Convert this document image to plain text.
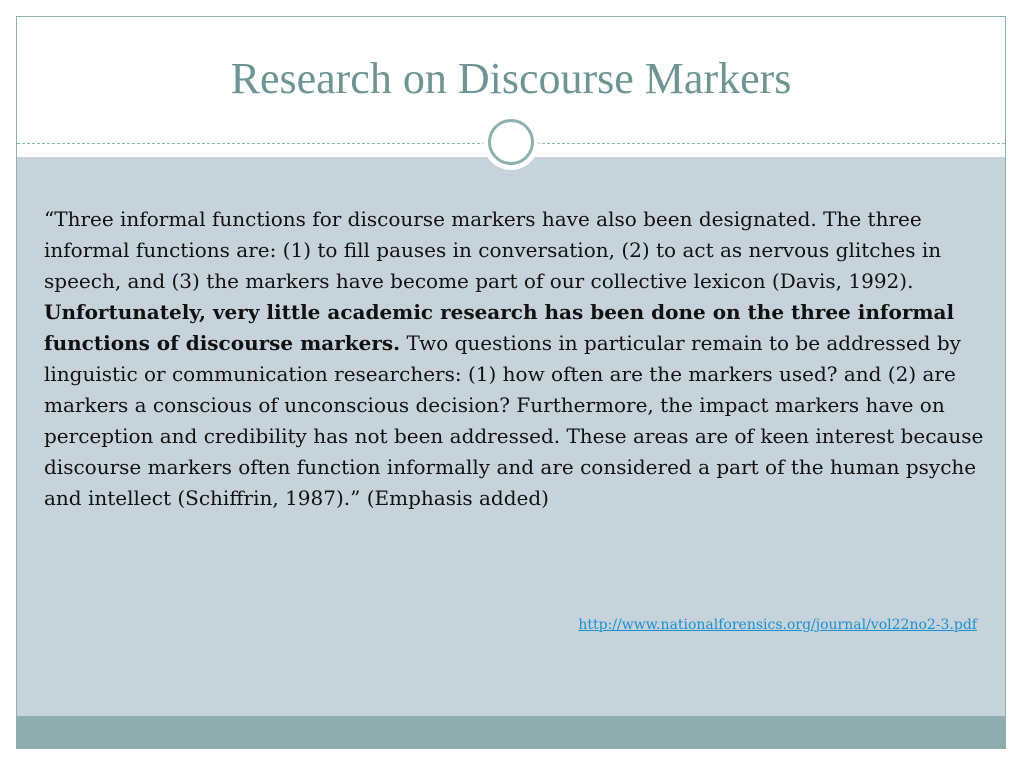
Research on Discourse Markers

“Three informal functions for discourse markers have also been designated. The three informal functions are: (1) to fill pauses in conversation, (2) to act as nervous glitches in speech, and (3) the markers have become part of our collective lexicon (Davis, 1992). Unfortunately, very little academic research has been done on the three informal functions of discourse markers. Two questions in particular remain to be addressed by linguistic or communication researchers: (1) how often are the markers used? and (2) are markers a conscious of unconscious decision? Furthermore, the impact markers have on perception and credibility has not been addressed. These areas are of keen interest because discourse markers often function informally and are considered a part of the human psyche and intellect (Schiffrin, 1987).” (Emphasis added)

http://www.nationalforensics.org/journal/vol22no2-3.pdf
